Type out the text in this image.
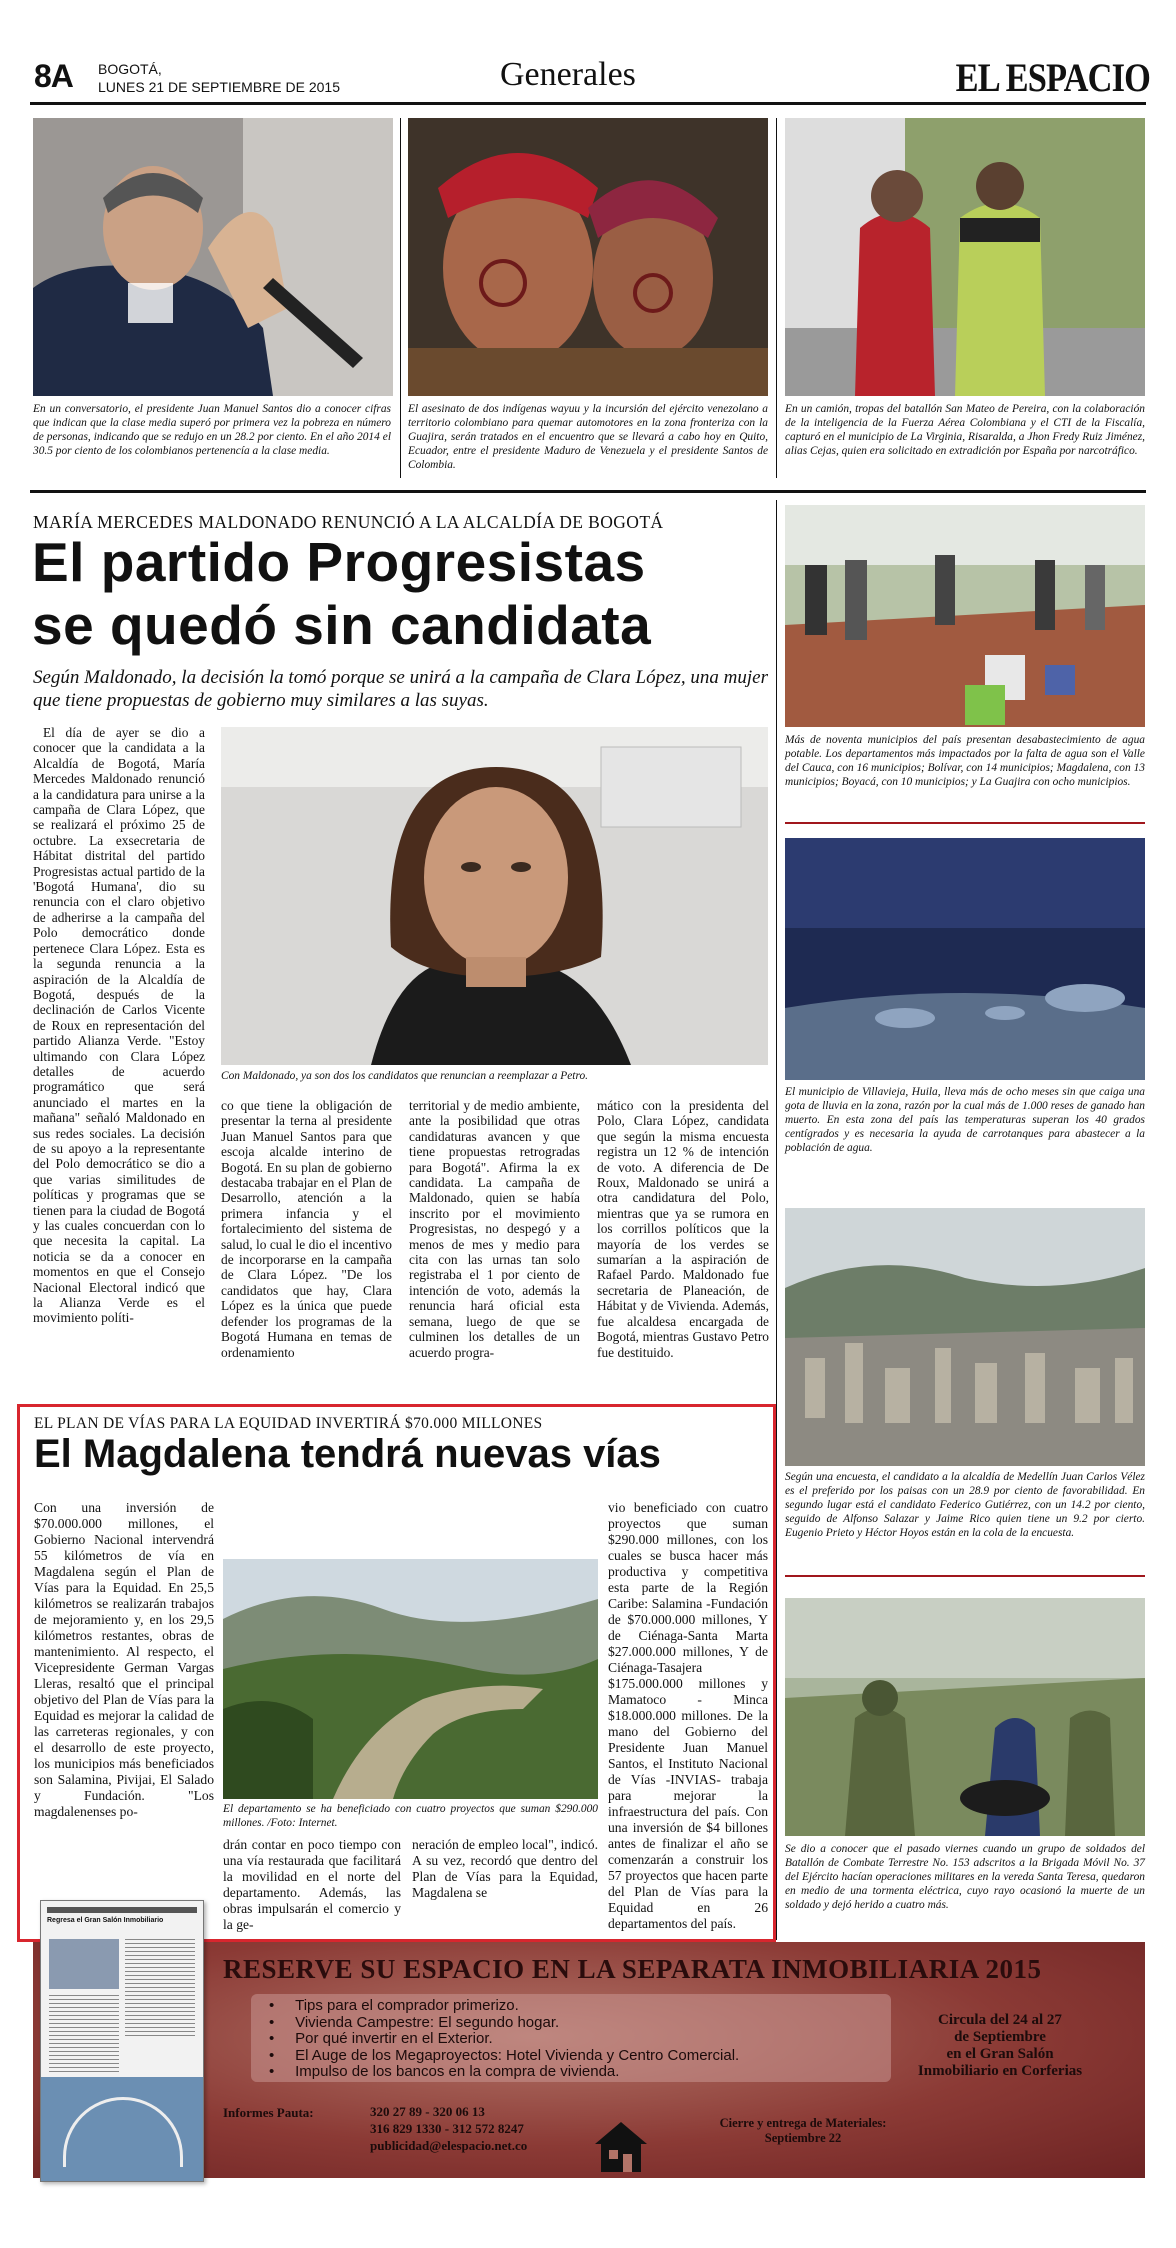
8A BOGOTÁ,
LUNES 21 DE SEPTIEMBRE DE 2015	Generales	EL ESPACIO
En un conversatorio, el presidente Juan Manuel Santos dio a conocer cifras que indican que la clase media superó por primera vez la pobreza en número de personas, indicando que se redujo en un 28.2 por ciento. En el año 2014 el 30.5 por ciento de los colombianos pertenencía a la clase media.
El asesinato de dos indígenas wayuu y la incursión del ejército venezolano a territorio colombiano para quemar automotores en la zona fronteriza con la Guajira, serán tratados en el encuentro que se llevará a cabo hoy en Quito, Ecuador, entre el presidente Maduro de Venezuela y el presidente Santos de Colombia.
En un camión, tropas del batallón San Mateo de Pereira, con la colaboración de la inteligencia de la Fuerza Aérea Colombiana y el CTI de la Fiscalía, capturó en el municipio de La Virginia, Risaralda, a Jhon Fredy Ruiz Jiménez, alias Cejas, quien era solicitado en extradición por España por narcotráfico.
MARÍA MERCEDES MALDONADO RENUNCIÓ A LA ALCALDÍA DE BOGOTÁ
El partido Progresistas
se quedó sin candidata
Según Maldonado, la decisión la tomó porque se unirá a la campaña de Clara López, una mujer que tiene propuestas de gobierno muy similares a las suyas.
Con Maldonado, ya son dos los candidatos que renuncian a reemplazar a Petro.

El día de ayer se dio a conocer que la candidata a la Alcaldía de Bogotá, María Mercedes Maldonado renunció a la candidatura para unirse a la campaña de Clara López, que se realizará el próximo 25 de octubre. La exsecretaria de Hábitat distrital del partido Progresistas actual partido de la 'Bogotá Humana', dio su renuncia con el claro objetivo de adherirse a la campaña del Polo democrático donde pertenece Clara López. Esta es la segunda renuncia a la aspiración de la Alcaldía de Bogotá, después de la declinación de Carlos Vicente de Roux en representación del partido Alianza Verde. "Estoy ultimando con Clara López detalles de acuerdo programático que será anunciado el martes en la mañana" señaló Maldonado en sus redes sociales. La decisión de su apoyo a la representante del Polo democrático se dio a que varias similitudes de políticas y programas que se tienen para la ciudad de Bogotá y las cuales concuerdan con lo que necesita la capital. La noticia se da a conocer en momentos en que el Consejo Nacional Electoral indicó que la Alianza Verde es el movimiento políti-

co que tiene la obligación de presentar la terna al presidente Juan Manuel Santos para que escoja alcalde interino de Bogotá. En su plan de gobierno destacaba trabajar en el Plan de Desarrollo, atención a la primera infancia y el fortalecimiento del sistema de salud, lo cual le dio el incentivo de incorporarse en la campaña de Clara López. "De los candidatos que hay, Clara López es la única que puede defender los programas de la Bogotá Humana en temas de ordenamiento

territorial y de medio ambiente, ante la posibilidad que otras candidaturas avancen y que tiene propuestas retrogradas para Bogotá". Afirma la ex candidata. La campaña de Maldonado, quien se había inscrito por el movimiento Progresistas, no despegó y a menos de mes y medio para cita con las urnas tan solo registraba el 1 por ciento de intención de voto, además la renuncia hará oficial esta semana, luego de que se culminen los detalles de un acuerdo progra-

mático con la presidenta del Polo, Clara López, candidata que según la misma encuesta registra un 12 % de intención de voto. A diferencia de De Roux, Maldonado se unirá a otra candidatura del Polo, mientras que ya se rumora en los corrillos políticos que la mayoría de los verdes se sumarían a la aspiración de Rafael Pardo. Maldonado fue secretaria de Planeación, de Hábitat y de Vivienda. Además, fue alcaldesa encargada de Bogotá, mientras Gustavo Petro fue destituido.

EL PLAN DE VÍAS PARA LA EQUIDAD INVERTIRÁ $70.000 MILLONES
El Magdalena tendrá nuevas vías

Con una inversión de $70.000.000 millones, el Gobierno Nacional intervendrá 55 kilómetros de vía en Magdalena según el Plan de Vías para la Equidad. En 25,5 kilómetros se realizarán trabajos de mejoramiento y, en los 29,5 kilómetros restantes, obras de mantenimiento. Al respecto, el Vicepresidente German Vargas Lleras, resaltó que el principal objetivo del Plan de Vías para la Equidad es mejorar la calidad de las carreteras regionales, y con el desarrollo de este proyecto, los municipios más beneficiados son Salamina, Pivijai, El Salado y Fundación. "Los magdalenenses po-	El departamento se ha beneficiado con cuatro proyectos que suman $290.000 millones. /Foto: Internet.

drán contar en poco tiempo con una vía restaurada que facilitará la movilidad en el norte del departamento. Además, las obras impulsarán el comercio y la ge-

neración de empleo local", indicó. A su vez, recordó que dentro del Plan de Vías para la Equidad, Magdalena se

vio beneficiado con cuatro proyectos que suman $290.000 millones, con los cuales se busca hacer más productiva y competitiva esta parte de la Región Caribe: Salamina -Fundación de $70.000.000 millones, Y de Ciénaga-Santa Marta $27.000.000 millones, Y de Ciénaga-Tasajera $175.000.000 millones y Mamatoco - Minca $18.000.000 millones. De la mano del Gobierno del Presidente Juan Manuel Santos, el Instituto Nacional de Vías -INVIAS- trabaja para mejorar la infraestructura del país. Con una inversión de $4 billones antes de finalizar el año se comenzarán a construir los 57 proyectos que hacen parte del Plan de Vías para la Equidad en 26 departamentos del país.

Más de noventa municipios del país presentan desabastecimiento de agua potable. Los departamentos más impactados por la falta de agua son el Valle del Cauca, con 16 municipios; Bolívar, con 14 municipios; Magdalena, con 13 municipios; Boyacá, con 10 municipios; y La Guajira con ocho municipios.
El municipio de Villavieja, Huila, lleva más de ocho meses sin que caiga una gota de lluvia en la zona, razón por la cual más de 1.000 reses de ganado han muerto. En esta zona del país las temperaturas superan los 40 grados centígrados y es necesaria la ayuda de carrotanques para abastecer a la población de agua.
Según una encuesta, el candidato a la alcaldía de Medellín Juan Carlos Vélez es el preferido por los paisas con un 28.9 por ciento de favorabilidad. En segundo lugar está el candidato Federico Gutiérrez, con un 14.2 por ciento, seguido de Alfonso Salazar y Jaime Rico quien tiene un 9.2 por cierto. Eugenio Prieto y Héctor Hoyos están en la cola de la encuesta.
Se dio a conocer que el pasado viernes cuando un grupo de soldados del Batallón de Combate Terrestre No. 153 adscritos a la Brigada Móvil No. 37 del Ejército hacían operaciones militares en la vereda Santa Teresa, quedaron en medio de una tormenta eléctrica, cuyo rayo ocasionó la muerte de un soldado y dejó herido a cuatro más.
RESERVE SU ESPACIO EN LA SEPARATA INMOBILIARIA 2015
•     Tips para el comprador primerizo.
•     Vivienda Campestre: El segundo hogar.
•     Por qué invertir en el Exterior.
•     El Auge de los Megaproyectos: Hotel Vivienda y Centro Comercial.
•     Impulso de los bancos en la compra de vivienda.
Circula del 24 al 27
de Septiembre
en el Gran Salón
Inmobiliario en Corferias
Informes Pauta:	320 27 89 - 320 06 13
316 829 1330 - 312 572 8247
publicidad@elespacio.net.co
Cierre y entrega de Materiales:
Septiembre 22
Regresa el Gran Salón Inmobiliario
